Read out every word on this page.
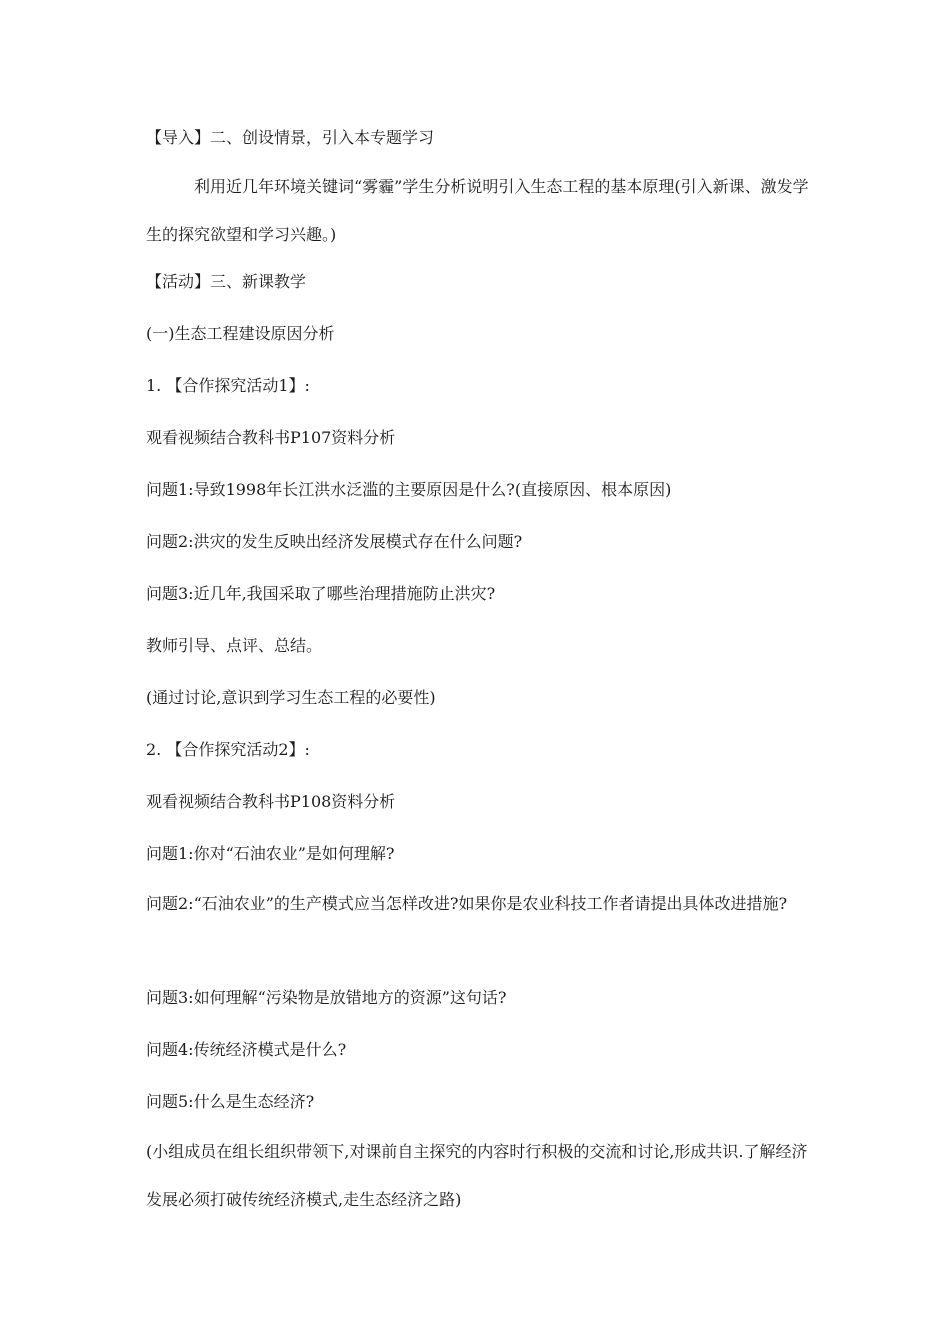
【导入】二、创设情景，引入本专题学习
利用近几年环境关键词“雾霾”学生分析说明引入生态工程的基本原理(引入新课、激发学生的探究欲望和学习兴趣。)
【活动】三、新课教学
(一)生态工程建设原因分析
1. 【合作探究活动1】:
观看视频结合教科书P107资料分析
问题1:导致1998年长江洪水泛滥的主要原因是什么?(直接原因、根本原因)
问题2:洪灾的发生反映出经济发展模式存在什么问题?
问题3:近几年,我国采取了哪些治理措施防止洪灾?
教师引导、点评、总结。
(通过讨论,意识到学习生态工程的必要性)
2. 【合作探究活动2】:
观看视频结合教科书P108资料分析
问题1:你对“石油农业”是如何理解?
问题2:“石油农业”的生产模式应当怎样改进?如果你是农业科技工作者请提出具体改进措施?
问题3:如何理解“污染物是放错地方的资源”这句话?
问题4:传统经济模式是什么?
问题5:什么是生态经济?
(小组成员在组长组织带领下,对课前自主探究的内容时行积极的交流和讨论,形成共识.了解经济发展必须打破传统经济模式,走生态经济之路)
